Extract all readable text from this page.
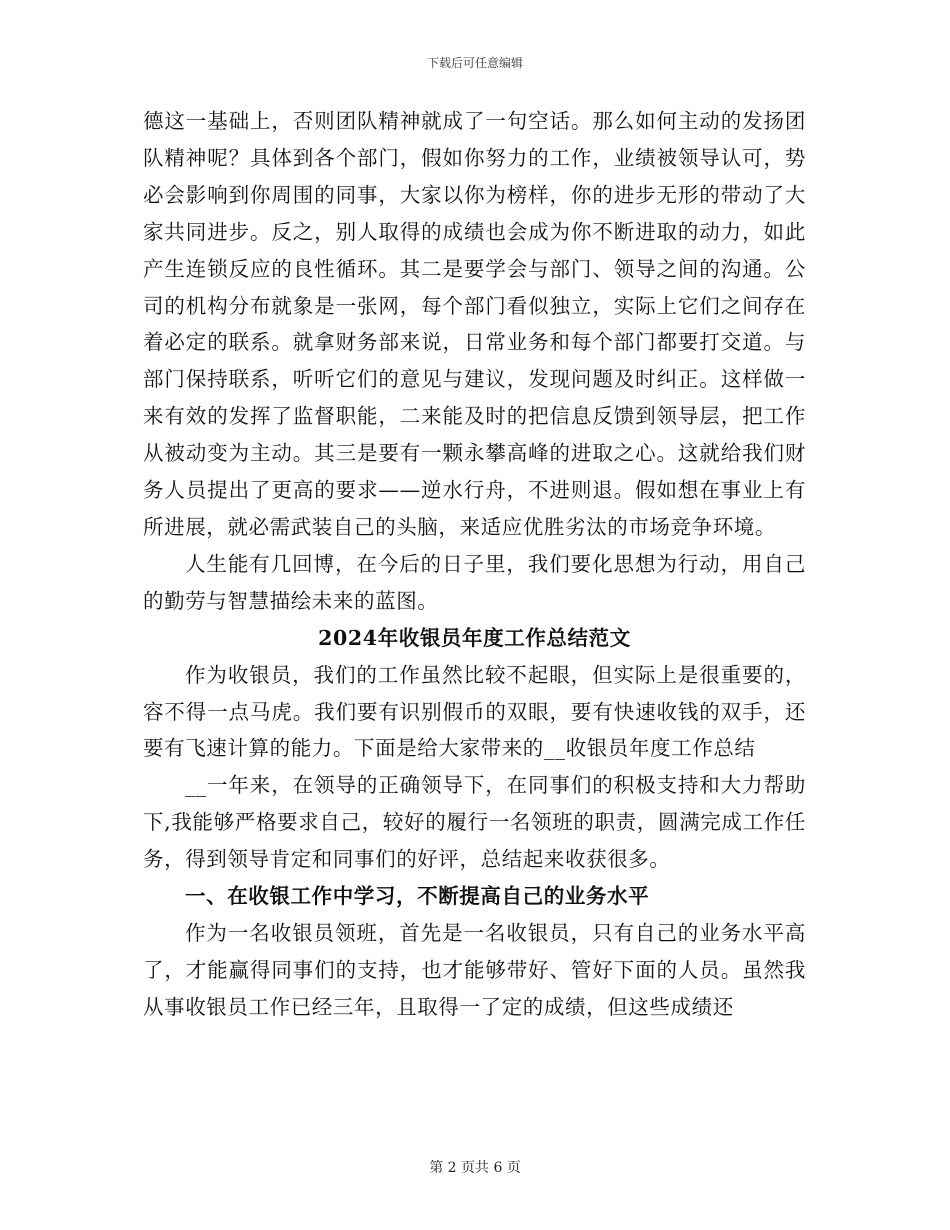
下载后可任意编辑

德这一基础上，否则团队精神就成了一句空话。那么如何主动的发扬团队精神呢？具体到各个部门，假如你努力的工作，业绩被领导认可，势必会影响到你周围的同事，大家以你为榜样，你的进步无形的带动了大家共同进步。反之，别人取得的成绩也会成为你不断进取的动力，如此产生连锁反应的良性循环。其二是要学会与部门、领导之间的沟通。公司的机构分布就象是一张网，每个部门看似独立，实际上它们之间存在着必定的联系。就拿财务部来说，日常业务和每个部门都要打交道。与部门保持联系，听听它们的意见与建议，发现问题及时纠正。这样做一来有效的发挥了监督职能，二来能及时的把信息反馈到领导层，把工作从被动变为主动。其三是要有一颗永攀高峰的进取之心。这就给我们财务人员提出了更高的要求——逆水行舟，不进则退。假如想在事业上有所进展，就必需武装自己的头脑，来适应优胜劣汰的市场竞争环境。

人生能有几回博，在今后的日子里，我们要化思想为行动，用自己的勤劳与智慧描绘未来的蓝图。

2024年收银员年度工作总结范文

作为收银员，我们的工作虽然比较不起眼，但实际上是很重要的，容不得一点马虎。我们要有识别假币的双眼，要有快速收钱的双手，还要有飞速计算的能力。下面是给大家带来的__收银员年度工作总结

__一年来，在领导的正确领导下，在同事们的积极支持和大力帮助下,我能够严格要求自己，较好的履行一名领班的职责，圆满完成工作任务，得到领导肯定和同事们的好评，总结起来收获很多。

一、在收银工作中学习，不断提高自己的业务水平

作为一名收银员领班，首先是一名收银员，只有自己的业务水平高了，才能赢得同事们的支持，也才能够带好、管好下面的人员。虽然我从事收银员工作已经三年，且取得一了定的成绩，但这些成绩还

第 2 页共 6 页
